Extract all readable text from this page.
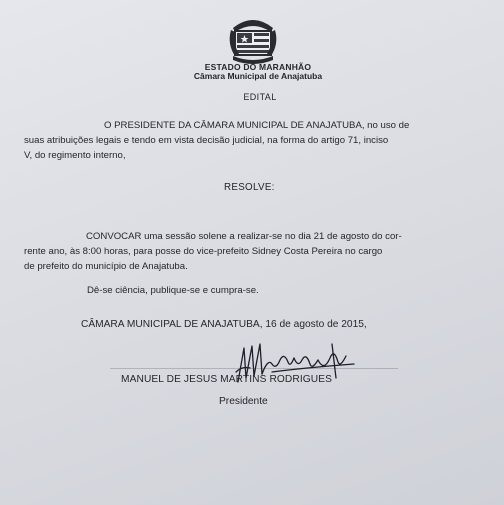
ESTADO DO MARANHÃO
Câmara Municipal de Anajatuba
EDITAL
O PRESIDENTE DA CÂMARA MUNICIPAL DE ANAJATUBA, no uso de
suas atribuições legais e tendo em vista decisão judicial, na forma do artigo 71, inciso
V, do regimento interno,
RESOLVE:
CONVOCAR uma sessão solene a realizar-se no dia 21 de agosto do cor-
rente ano, às 8:00 horas, para posse do vice-prefeito Sidney Costa Pereira no cargo
de prefeito do município de Anajatuba.
Dê-se ciência, publique-se e cumpra-se.
CÂMARA MUNICIPAL DE ANAJATUBA, 16 de agosto de 2015,
MANUEL DE JESUS MARTINS RODRIGUES
Presidente
